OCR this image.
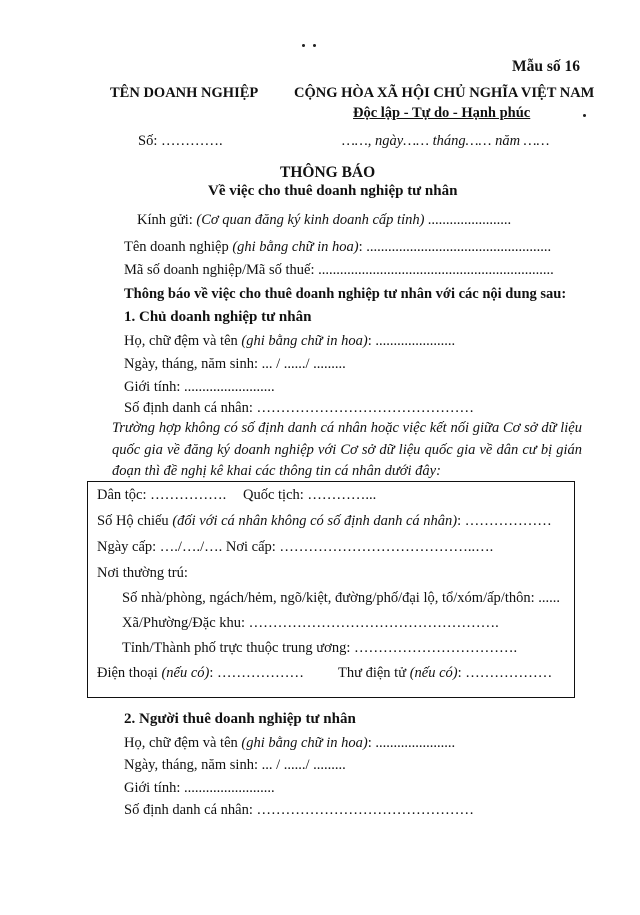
Mẫu số 16
TÊN DOANH NGHIỆP CỘNG HÒA XÃ HỘI CHỦ NGHĨA VIỆT NAM
Độc lập - Tự do - Hạnh phúc
Số: ………….	……, ngày…… tháng…… năm ……
THÔNG BÁO
Về việc cho thuê doanh nghiệp tư nhân
Kính gửi: (Cơ quan đăng ký kinh doanh cấp tỉnh) .......................
Tên doanh nghiệp (ghi bằng chữ in hoa): ...................................................
Mã số doanh nghiệp/Mã số thuế: .................................................................
Thông báo về việc cho thuê doanh nghiệp tư nhân với các nội dung sau:
1. Chủ doanh nghiệp tư nhân
Họ, chữ đệm và tên (ghi bằng chữ in hoa): ......................
Ngày, tháng, năm sinh: ... / ....../ .........
Giới tính: .........................
Số định danh cá nhân: ………………………………………
Trường hợp không có số định danh cá nhân hoặc việc kết nối giữa Cơ sở dữ liệu quốc gia về đăng ký doanh nghiệp với Cơ sở dữ liệu quốc gia về dân cư bị gián đoạn thì đề nghị kê khai các thông tin cá nhân dưới đây:
Dân tộc: ……………. Quốc tịch: …………...
Số Hộ chiếu (đối với cá nhân không có số định danh cá nhân): ………………
Ngày cấp: …./…./…. Nơi cấp: …………………………………..….
Nơi thường trú:
Số nhà/phòng, ngách/hẻm, ngõ/kiệt, đường/phố/đại lộ, tổ/xóm/ấp/thôn: ......
Xã/Phường/Đặc khu: …………………………………………….
Tỉnh/Thành phố trực thuộc trung ương: …………………………….
Điện thoại (nếu có): ……………… Thư điện tử (nếu có): ………………
2. Người thuê doanh nghiệp tư nhân
Họ, chữ đệm và tên (ghi bằng chữ in hoa): ......................
Ngày, tháng, năm sinh: ... / ....../ .........
Giới tính: .........................
Số định danh cá nhân: ………………………………………
